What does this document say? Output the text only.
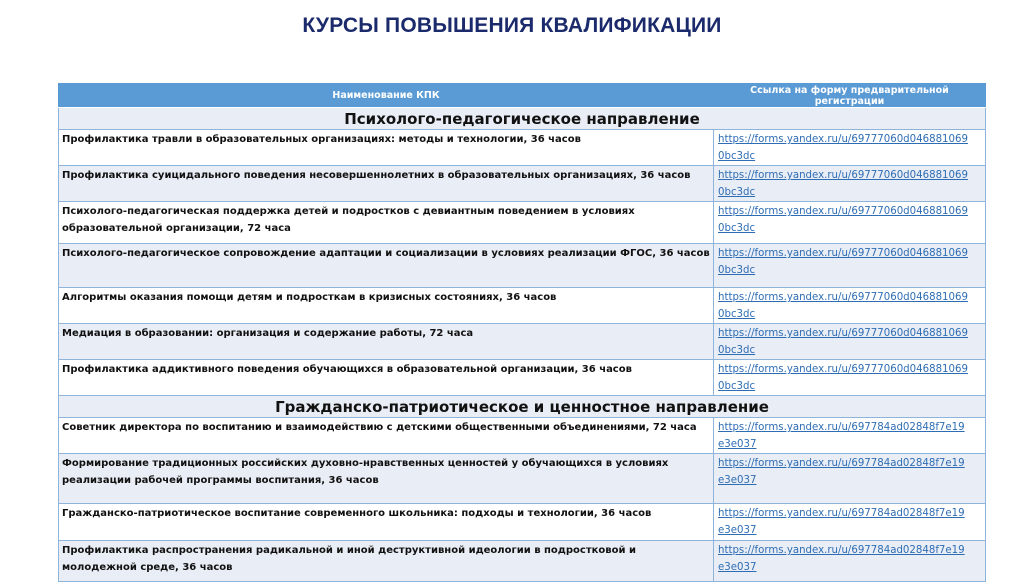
КУРСЫ ПОВЫШЕНИЯ КВАЛИФИКАЦИИ
Наименование КПК	Ссылка на форму предварительной регистрации
Психолого-педагогическое направление	
Профилактика травли в образовательных организациях: методы и технологии, 36 часов	https://forms.yandex.ru/u/69777060d046881069
0bc3dc
Профилактика суицидального поведения несовершеннолетних в образовательных организациях, 36 часов	https://forms.yandex.ru/u/69777060d046881069
0bc3dc
Психолого-педагогическая поддержка детей и подростков с девиантным поведением в условиях образовательной организации, 72 часа	https://forms.yandex.ru/u/69777060d046881069
0bc3dc
Психолого-педагогическое сопровождение адаптации и социализации в условиях реализации ФГОС, 36 часов	https://forms.yandex.ru/u/69777060d046881069
0bc3dc
Алгоритмы оказания помощи детям и подросткам в кризисных состояниях, 36 часов	https://forms.yandex.ru/u/69777060d046881069
0bc3dc
Медиация в образовании: организация и содержание работы, 72 часа	https://forms.yandex.ru/u/69777060d046881069
0bc3dc
Профилактика аддиктивного поведения обучающихся в образовательной организации, 36 часов	https://forms.yandex.ru/u/69777060d046881069
0bc3dc
Гражданско-патриотическое и ценностное направление	
Советник директора по воспитанию и взаимодействию с детскими общественными объединениями, 72 часа	https://forms.yandex.ru/u/697784ad02848f7e19
e3e037
Формирование традиционных российских духовно-нравственных ценностей у обучающихся в условиях реализации рабочей программы воспитания, 36 часов	https://forms.yandex.ru/u/697784ad02848f7e19
e3e037
Гражданско-патриотическое воспитание современного школьника: подходы и технологии, 36 часов	https://forms.yandex.ru/u/697784ad02848f7e19
e3e037
Профилактика распространения радикальной и иной деструктивной идеологии в подростковой и молодежной среде, 36 часов	https://forms.yandex.ru/u/697784ad02848f7e19
e3e037
